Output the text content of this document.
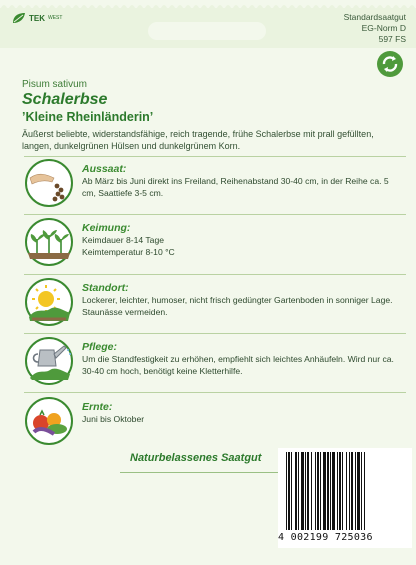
TEK WEST	Standardsaatgut
EG-Norm D
597 FS
Pisum sativum
Schalerbse
’Kleine Rheinländerin’
Äußerst beliebte, widerstandsfähige, reich tragende, frühe Schalerbse mit prall gefüllten, langen, dunkelgrünen Hülsen und dunkelgrünem Korn.
Aussaat:

Ab März bis Juni direkt ins Freiland, Reihenabstand 30-40 cm, in der Reihe ca. 5 cm, Saattiefe 3-5 cm.

Keimung:

Keimdauer 8-14 Tage
Keimtemperatur 8-10 °C

Standort:

Lockerer, leichter, humoser, nicht frisch gedüngter Gartenboden in sonniger Lage. Staunässe vermeiden.

Pflege:

Um die Standfestigkeit zu erhöhen, empfiehlt sich leichtes Anhäufeln. Wird nur ca. 30-40 cm hoch, benötigt keine Kletterhilfe.

Ernte:

Juni bis Oktober

Naturbelassenes Saatgut
4 002199 725036
